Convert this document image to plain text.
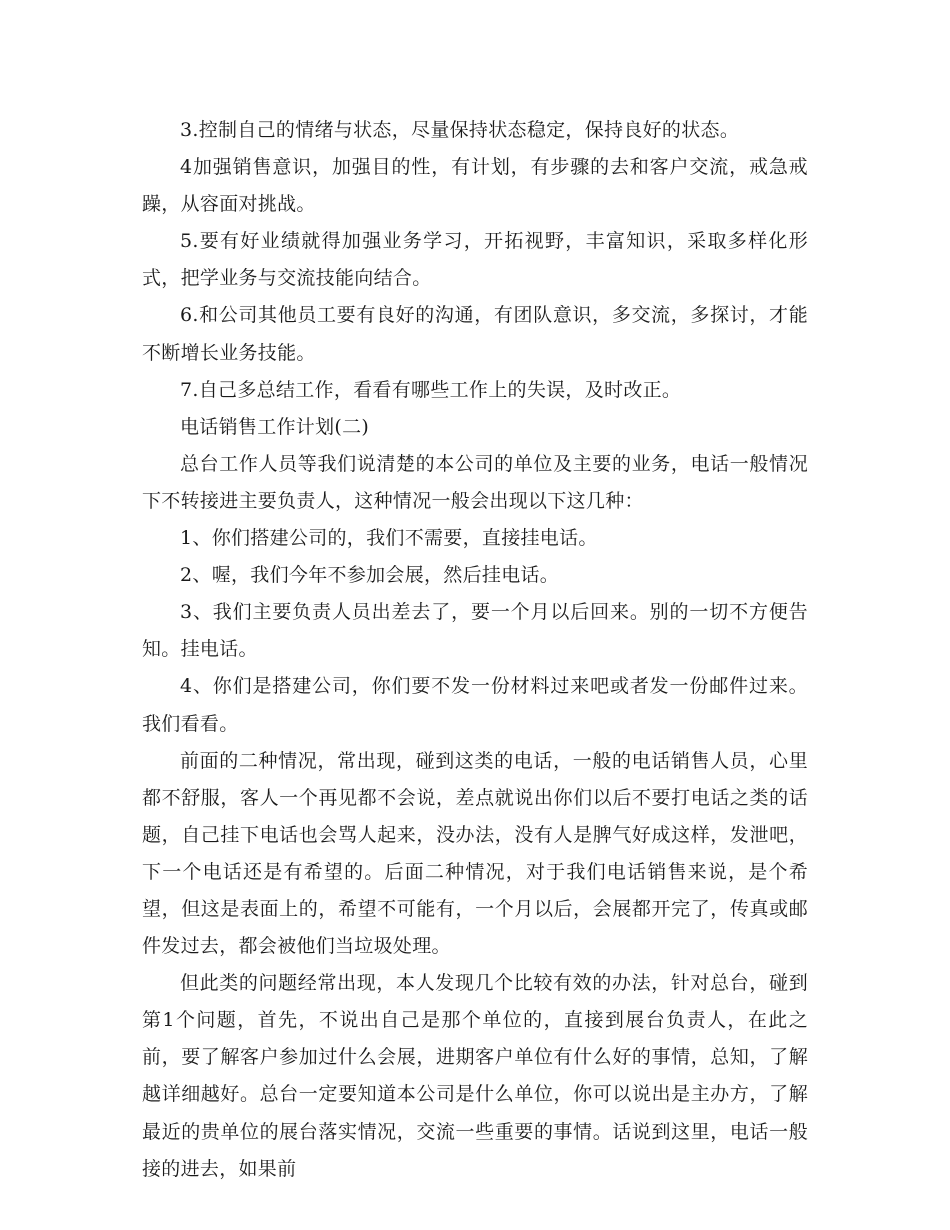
3.控制自己的情绪与状态，尽量保持状态稳定，保持良好的状态。

4加强销售意识，加强目的性，有计划，有步骤的去和客户交流，戒急戒躁，从容面对挑战。

5.要有好业绩就得加强业务学习，开拓视野，丰富知识，采取多样化形式，把学业务与交流技能向结合。

6.和公司其他员工要有良好的沟通，有团队意识，多交流，多探讨，才能不断增长业务技能。

7.自己多总结工作，看看有哪些工作上的失误，及时改正。

电话销售工作计划(二)

总台工作人员等我们说清楚的本公司的单位及主要的业务，电话一般情况下不转接进主要负责人，这种情况一般会出现以下这几种：

1、你们搭建公司的，我们不需要，直接挂电话。

2、喔，我们今年不参加会展，然后挂电话。

3、我们主要负责人员出差去了，要一个月以后回来。别的一切不方便告知。挂电话。

4、你们是搭建公司，你们要不发一份材料过来吧或者发一份邮件过来。我们看看。

前面的二种情况，常出现，碰到这类的电话，一般的电话销售人员，心里都不舒服，客人一个再见都不会说，差点就说出你们以后不要打电话之类的话题，自己挂下电话也会骂人起来，没办法，没有人是脾气好成这样，发泄吧，下一个电话还是有希望的。后面二种情况，对于我们电话销售来说，是个希望，但这是表面上的，希望不可能有，一个月以后，会展都开完了，传真或邮件发过去，都会被他们当垃圾处理。

但此类的问题经常出现，本人发现几个比较有效的办法，针对总台，碰到第1个问题，首先，不说出自己是那个单位的，直接到展台负责人，在此之前，要了解客户参加过什么会展，进期客户单位有什么好的事情，总知，了解越详细越好。总台一定要知道本公司是什么单位，你可以说出是主办方，了解最近的贵单位的展台落实情况，交流一些重要的事情。话说到这里，电话一般接的进去，如果前
